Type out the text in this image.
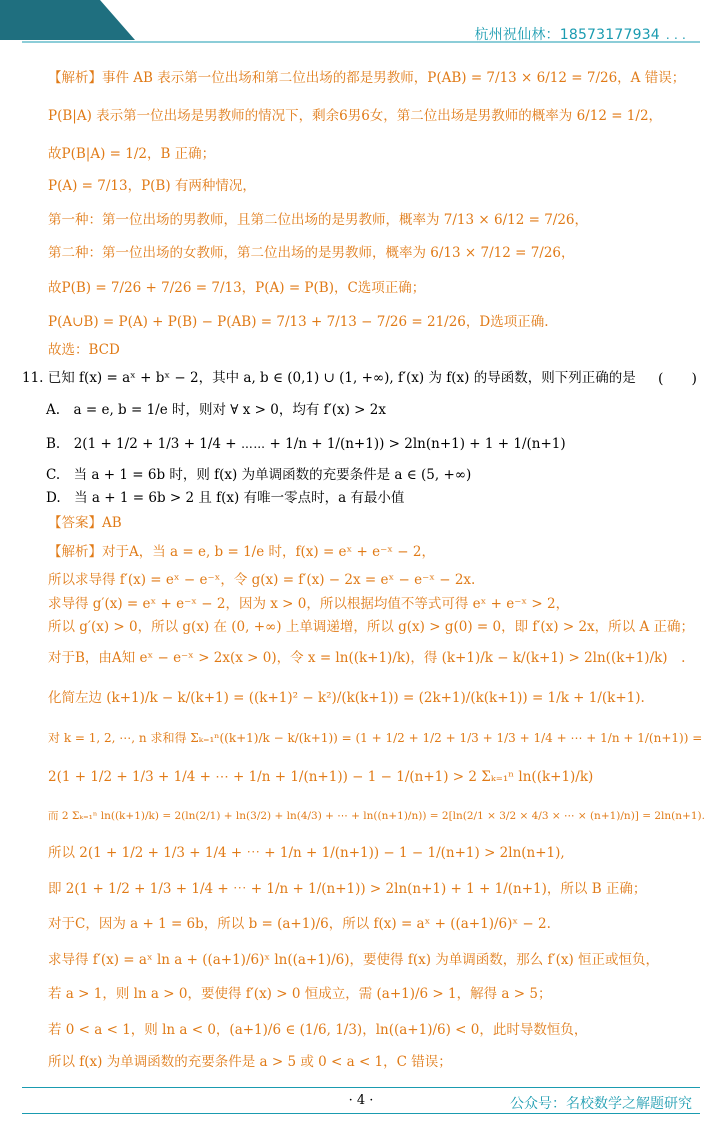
杭州祝仙林：18573177934 . . .
【解析】事件 AB 表示第一位出场和第二位出场的都是男教师，P(AB) = 7/13 × 6/12 = 7/26，A 错误；
P(B|A) 表示第一位出场是男教师的情况下，剩余6男6女，第二位出场是男教师的概率为 6/12 = 1/2，
故P(B|A) = 1/2，B 正确；
P(A) = 7/13，P(B) 有两种情况，
第一种：第一位出场的男教师，且第二位出场的是男教师，概率为 7/13 × 6/12 = 7/26，
第二种：第一位出场的女教师，第二位出场的是男教师，概率为 6/13 × 7/12 = 7/26，
故P(B) = 7/26 + 7/26 = 7/13，P(A) = P(B)，C选项正确；
P(A∪B) = P(A) + P(B) − P(AB) = 7/13 + 7/13 − 7/26 = 21/26，D选项正确.
故选：BCD
11. 已知 f(x) = aˣ + bˣ − 2，其中 a, b ∈ (0,1) ∪ (1, +∞), f′(x) 为 f(x) 的导函数，则下列正确的是 (　　)
A.　a = e, b = 1/e 时，则对 ∀ x > 0，均有 f′(x) > 2x
B.　2(1 + 1/2 + 1/3 + 1/4 + ⋯⋯ + 1/n + 1/(n+1)) > 2ln(n+1) + 1 + 1/(n+1)
C.　当 a + 1 = 6b 时，则 f(x) 为单调函数的充要条件是 a ∈ (5, +∞)
D.　当 a + 1 = 6b > 2 且 f(x) 有唯一零点时，a 有最小值
【答案】AB
【解析】对于A，当 a = e, b = 1/e 时，f(x) = eˣ + e⁻ˣ − 2，
所以求导得 f′(x) = eˣ − e⁻ˣ，令 g(x) = f′(x) − 2x = eˣ − e⁻ˣ − 2x.
求导得 g′(x) = eˣ + e⁻ˣ − 2，因为 x > 0，所以根据均值不等式可得 eˣ + e⁻ˣ > 2，
所以 g′(x) > 0，所以 g(x) 在 (0, +∞) 上单调递增，所以 g(x) > g(0) = 0，即 f′(x) > 2x，所以 A 正确；
对于B，由A知 eˣ − e⁻ˣ > 2x(x > 0)，令 x = ln((k+1)/k)，得 (k+1)/k − k/(k+1) > 2ln((k+1)/k)　.
化简左边 (k+1)/k − k/(k+1) = ((k+1)² − k²)/(k(k+1)) = (2k+1)/(k(k+1)) = 1/k + 1/(k+1).
对 k = 1, 2, ⋯, n 求和得 Σₖ₌₁ⁿ((k+1)/k − k/(k+1)) = (1 + 1/2 + 1/2 + 1/3 + 1/3 + 1/4 + ⋯ + 1/n + 1/(n+1)) =
2(1 + 1/2 + 1/3 + 1/4 + ⋯ + 1/n + 1/(n+1)) − 1 − 1/(n+1) > 2 Σₖ₌₁ⁿ ln((k+1)/k)
而 2 Σₖ₌₁ⁿ ln((k+1)/k) = 2(ln(2/1) + ln(3/2) + ln(4/3) + ⋯ + ln((n+1)/n)) = 2[ln(2/1 × 3/2 × 4/3 × ⋯ × (n+1)/n)] = 2ln(n+1).
所以 2(1 + 1/2 + 1/3 + 1/4 + ⋯ + 1/n + 1/(n+1)) − 1 − 1/(n+1) > 2ln(n+1),
即 2(1 + 1/2 + 1/3 + 1/4 + ⋯ + 1/n + 1/(n+1)) > 2ln(n+1) + 1 + 1/(n+1)，所以 B 正确；
对于C，因为 a + 1 = 6b，所以 b = (a+1)/6，所以 f(x) = aˣ + ((a+1)/6)ˣ − 2.
求导得 f′(x) = aˣ ln a + ((a+1)/6)ˣ ln((a+1)/6)，要使得 f(x) 为单调函数，那么 f′(x) 恒正或恒负，
若 a > 1，则 ln a > 0，要使得 f′(x) > 0 恒成立，需 (a+1)/6 > 1，解得 a > 5；
若 0 < a < 1，则 ln a < 0，(a+1)/6 ∈ (1/6, 1/3)，ln((a+1)/6) < 0，此时导数恒负，
所以 f(x) 为单调函数的充要条件是 a > 5 或 0 < a < 1，C 错误；
· 4 ·	公众号：名校数学之解题研究
